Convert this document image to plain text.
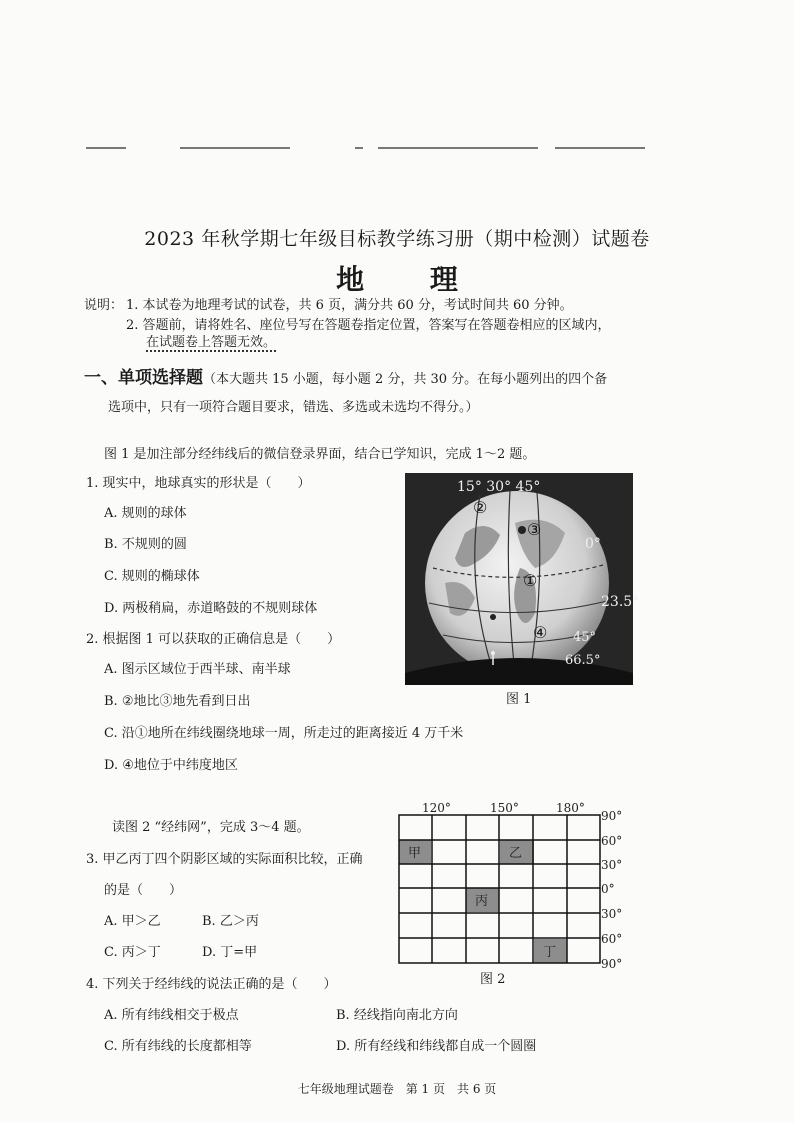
2023 年秋学期七年级目标教学练习册（期中检测）试题卷
地 理
说明： 1. 本试卷为地理考试的试卷，共 6 页，满分共 60 分，考试时间共 60 分钟。
2. 答题前，请将姓名、座位号写在答题卷指定位置，答案写在答题卷相应的区域内，
在试题卷上答题无效。
一、单项选择题（本大题共 15 小题，每小题 2 分，共 30 分。在每小题列出的四个备
选项中，只有一项符合题目要求，错选、多选或未选均不得分。）
图 1 是加注部分经纬线后的微信登录界面，结合已学知识，完成 1～2 题。
1. 现实中，地球真实的形状是（　　）
A. 规则的球体
B. 不规则的圆
C. 规则的椭球体
D. 两极稍扁，赤道略鼓的不规则球体
2. 根据图 1 可以获取的正确信息是（　　）
A. 图示区域位于西半球、南半球
B. ②地比③地先看到日出
C. 沿①地所在纬线圈绕地球一周，所走过的距离接近 4 万千米
D. ④地位于中纬度地区
15° 30° 45°
②
③
①
④
0°
23.5°
45°
66.5°
图 1
读图 2 “经纬网”，完成 3～4 题。
3. 甲乙丙丁四个阴影区域的实际面积比较，正确
的是（　　）
A. 甲＞乙	B. 乙＞丙
C. 丙＞丁	D. 丁=甲
120°	150°	180°
90°
60°
30°
0°
30°
60°
90°
甲	乙
丙
丁
图 2
4. 下列关于经纬线的说法正确的是（　　）
A. 所有纬线相交于极点	B. 经线指向南北方向
C. 所有纬线的长度都相等	D. 所有经线和纬线都自成一个圆圈
七年级地理试题卷　第 1 页　共 6 页
